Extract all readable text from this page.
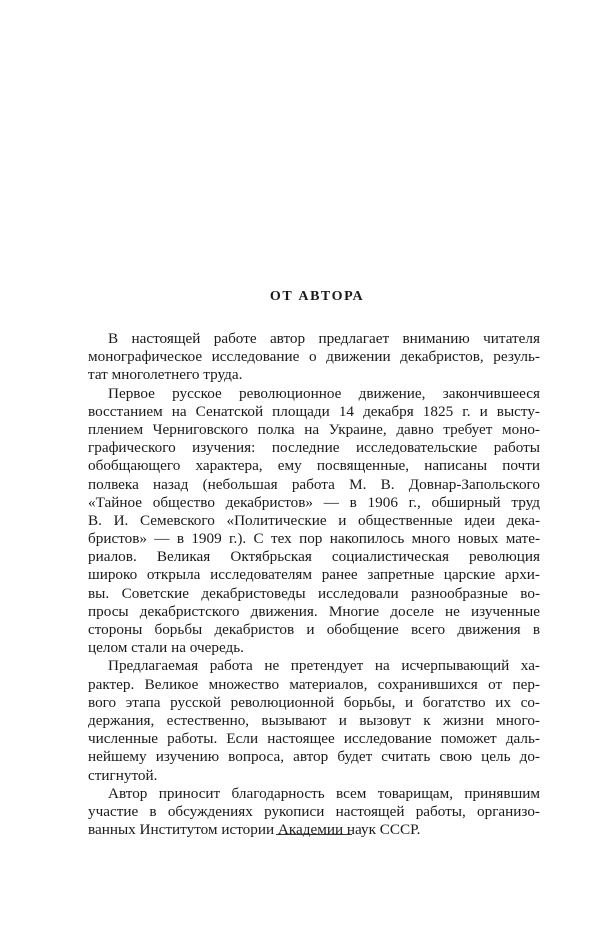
ОТ АВТОРА
В настоящей работе автор предлагает вниманию читателя
монографическое исследование о движении декабристов, резуль-
тат многолетнего труда.
Первое русское революционное движение, закончившееся
восстанием на Сенатской площади 14 декабря 1825 г. и высту-
плением Черниговского полка на Украине, давно требует моно-
графического изучения: последние исследовательские работы
обобщающего характера, ему посвященные, написаны почти
полвека назад (небольшая работа М. В. Довнар-Запольского
«Тайное общество декабристов» — в 1906 г., обширный труд
В. И. Семевского «Политические и общественные идеи дека-
бристов» — в 1909 г.). С тех пор накопилось много новых мате-
риалов. Великая Октябрьская социалистическая революция
широко открыла исследователям ранее запретные царские архи-
вы. Советские декабристоведы исследовали разнообразные во-
просы декабристского движения. Многие доселе не изученные
стороны борьбы декабристов и обобщение всего движения в
целом стали на очередь.
Предлагаемая работа не претендует на исчерпывающий ха-
рактер. Великое множество материалов, сохранившихся от пер-
вого этапа русской революционной борьбы, и богатство их со-
держания, естественно, вызывают и вызовут к жизни много-
численные работы. Если настоящее исследование поможет даль-
нейшему изучению вопроса, автор будет считать свою цель до-
стигнутой.
Автор приносит благодарность всем товарищам, принявшим
участие в обсуждениях рукописи настоящей работы, организо-
ванных Институтом истории Академии наук СССР.
